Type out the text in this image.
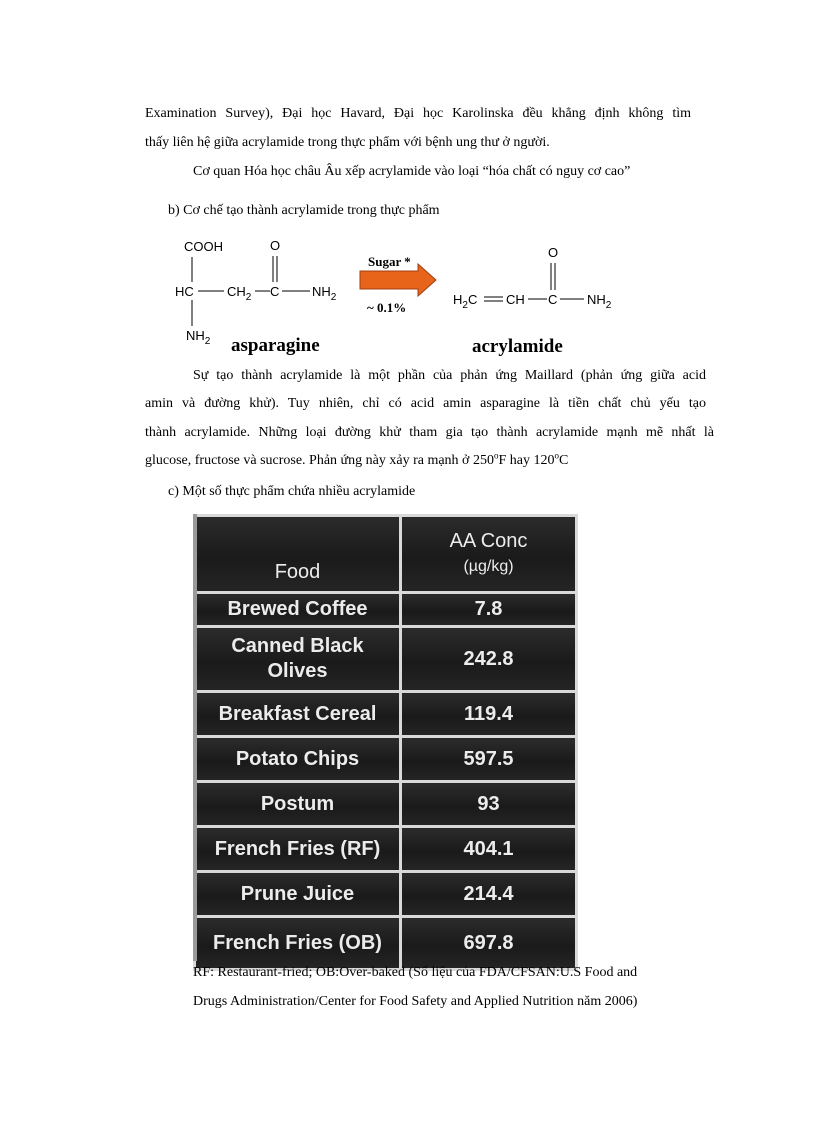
Examination Survey), Đại học Havard, Đại học Karolinska đều khẳng định không tìm
thấy liên hệ giữa acrylamide trong thực phẩm với bệnh ung thư ở người.
Cơ quan Hóa học châu Âu xếp acrylamide vào loại “hóa chất có nguy cơ cao”
b) Cơ chế tạo thành acrylamide trong thực phẩm
COOH
HC	$CH_2$ C
O
$NH_2$
$NH_2$ asparagine
Sugar *
~ 0.1%
$H_2C$ CH C
O
$NH_2$
acrylamide
Sự tạo thành acrylamide là một phần của phản ứng Maillard (phản ứng giữa acid
amin và đường khử). Tuy nhiên, chỉ có acid amin asparagine là tiền chất chủ yếu tạo
thành acrylamide. Những loại đường khử tham gia tạo thành acrylamide mạnh mẽ nhất là
glucose, fructose và sucrose. Phản ứng này xảy ra mạnh ở 250$^o$F hay 120$^o$C
c) Một số thực phẩm chứa nhiều acrylamide
Food	AA Conc
(µg/kg)

Brewed Coffee	7.8
Canned Black Olives	242.8
Breakfast Cereal	119.4
Potato Chips	597.5
Postum	93
French Fries (RF)	404.1
Prune Juice	214.4
French Fries (OB)	697.8
RF: Restaurant-fried; OB:Over-baked (Số liệu của FDA/CFSAN:U.S Food and
Drugs Administration/Center for Food Safety and Applied Nutrition năm 2006)
